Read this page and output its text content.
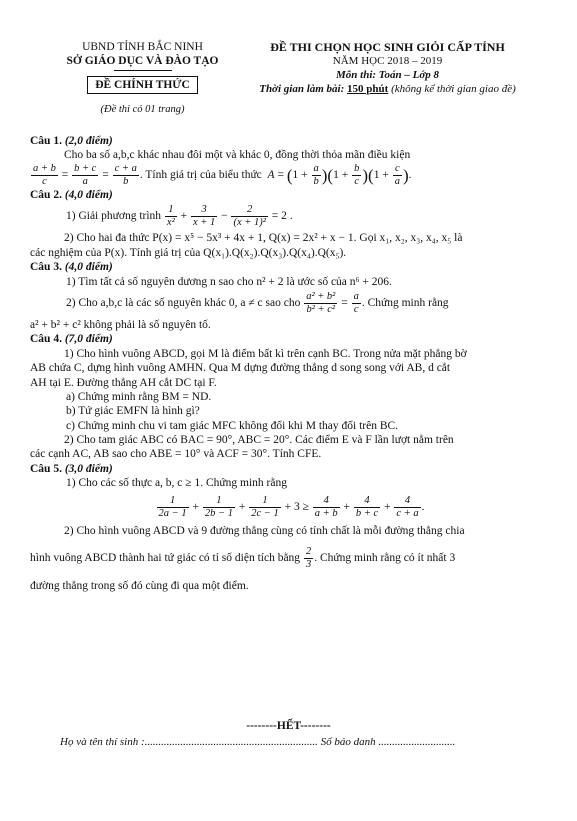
UBND TỈNH BẮC NINH
SỞ GIÁO DỤC VÀ ĐÀO TẠO
ĐỀ CHÍNH THỨC
(Đề thi có 01 trang)
ĐỀ THI CHỌN HỌC SINH GIỎI CẤP TỈNH
NĂM HỌC 2018 – 2019
Môn thi: Toán – Lớp 8
Thời gian làm bài: 150 phút (không kể thời gian giao đề)

Câu 1. (2,0 điểm)

Cho ba số a,b,c khác nhau đôi một và khác 0, đồng thời thỏa mãn điều kiện

$\frac{a + b}{c} = \frac{b + c}{a} = \frac{c + a}{b}$ . Tính giá trị của biểu thức  $A = (1 + \frac{a}{b} )(1 + \frac{b}{c} )(1 + \frac{c}{a}$ ).

Câu 2. (4,0 điểm)

1) Giải phương trình $\frac{1}{\text{x²}} + \frac{3}{x + 1} - \frac{2}{\text{(x + 1)²}} = 2$ .

2) Cho hai đa thức P(x) = x⁵ − 5x³ + 4x + 1, Q(x) = 2x² + x − 1. Gọi x₁, x₂, x₃, x₄, x₅ là

các nghiệm của P(x). Tính giá trị của Q(x₁).Q(x₂).Q(x₃).Q(x₄).Q(x₅).

Câu 3. (4,0 điểm)

1) Tìm tất cả số nguyên dương n sao cho n² + 2 là ước số của n⁶ + 206.

2) Cho a,b,c là các số nguyên khác 0, a ≠ c sao cho $\frac{\text{a² + b²}}{\text{b² + c²}} = \frac{a}{c}$ . Chứng minh rằng

a² + b² + c² không phải là số nguyên tố.

Câu 4. (7,0 điểm)

1) Cho hình vuông ABCD, gọi M là điểm bất kì trên cạnh BC. Trong nửa mặt phẳng bờ

AB chứa C, dựng hình vuông AMHN. Qua M dựng đường thẳng d song song với AB, d cắt

AH tại E. Đường thẳng AH cắt DC tại F.

a) Chứng minh rằng BM = ND.

b) Tứ giác EMFN là hình gì?

c) Chứng minh chu vi tam giác MFC không đổi khi M thay đổi trên BC.

2) Cho tam giác ABC có BAC = 90°, ABC = 20°. Các điểm E và F lần lượt nằm trên

các cạnh AC, AB sao cho ABE = 10° và ACF = 30°. Tính CFE.

Câu 5. (3,0 điểm)

1) Cho các số thực a, b, c ≥ 1. Chứng minh rằng

$\frac{1}{2a - 1} + \frac{1}{2b - 1} + \frac{1}{2c - 1} + 3 \ge \frac{4}{a + b} + \frac{4}{b + c} + \frac{4}{c + a}$ .

2) Cho hình vuông ABCD và 9 đường thẳng cùng có tính chất là mỗi đường thẳng chia

hình vuông ABCD thành hai tứ giác có tỉ số diện tích bằng $\frac{2}{3}$ . Chứng minh rằng có ít nhất 3

đường thẳng trong số đó cùng đi qua một điểm.

--------HẾT--------
Họ và tên thí sinh :............................................................... Số báo danh ............................
